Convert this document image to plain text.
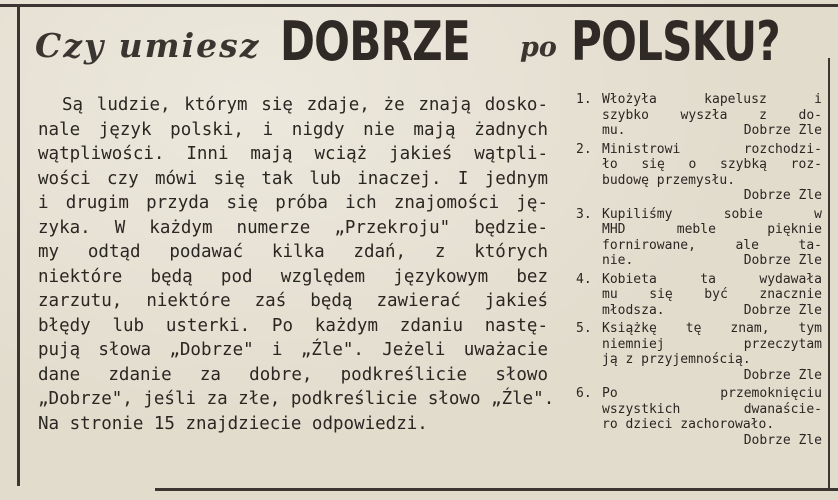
Czy umiesz DOBRZE po POLSKU?
Są ludzie, którym się zdaje, że znają dosko-
nale język polski, i nigdy nie mają żadnych
wątpliwości. Inni mają wciąż jakieś wątpli-
wości czy mówi się tak lub inaczej. I jednym
i drugim przyda się próba ich znajomości ję-
zyka. W każdym numerze „Przekroju" będzie-
my odtąd podawać kilka zdań, z których
niektóre będą pod względem językowym bez
zarzutu, niektóre zaś będą zawierać jakieś
błędy lub usterki. Po każdym zdaniu nastę-
pują słowa „Dobrze" i „Źle". Jeżeli uważacie
dane zdanie za dobre, podkreślicie słowo
„Dobrze", jeśli za złe, podkreślicie słowo „Źle".
Na stronie 15 znajdziecie odpowiedzi.
1. Włożyła kapelusz i
szybko wyszła z do-
mu.	Dobrze Źle
2. Ministrowi rozchodzi-
ło się o szybką roz-
budowę przemysłu.
Dobrze Źle
3. Kupiliśmy sobie w
MHD meble pięknie
fornirowane, ale ta-
nie.	Dobrze Źle
4. Kobieta ta wydawała
mu się być znacznie
młodsza.	Dobrze Źle
5. Książkę tę znam, tym
niemniej przeczytam
ją z przyjemnością.
Dobrze Źle
6. Po przemoknięciu
wszystkich dwanaście-
ro dzieci zachorowało.
Dobrze Źle
